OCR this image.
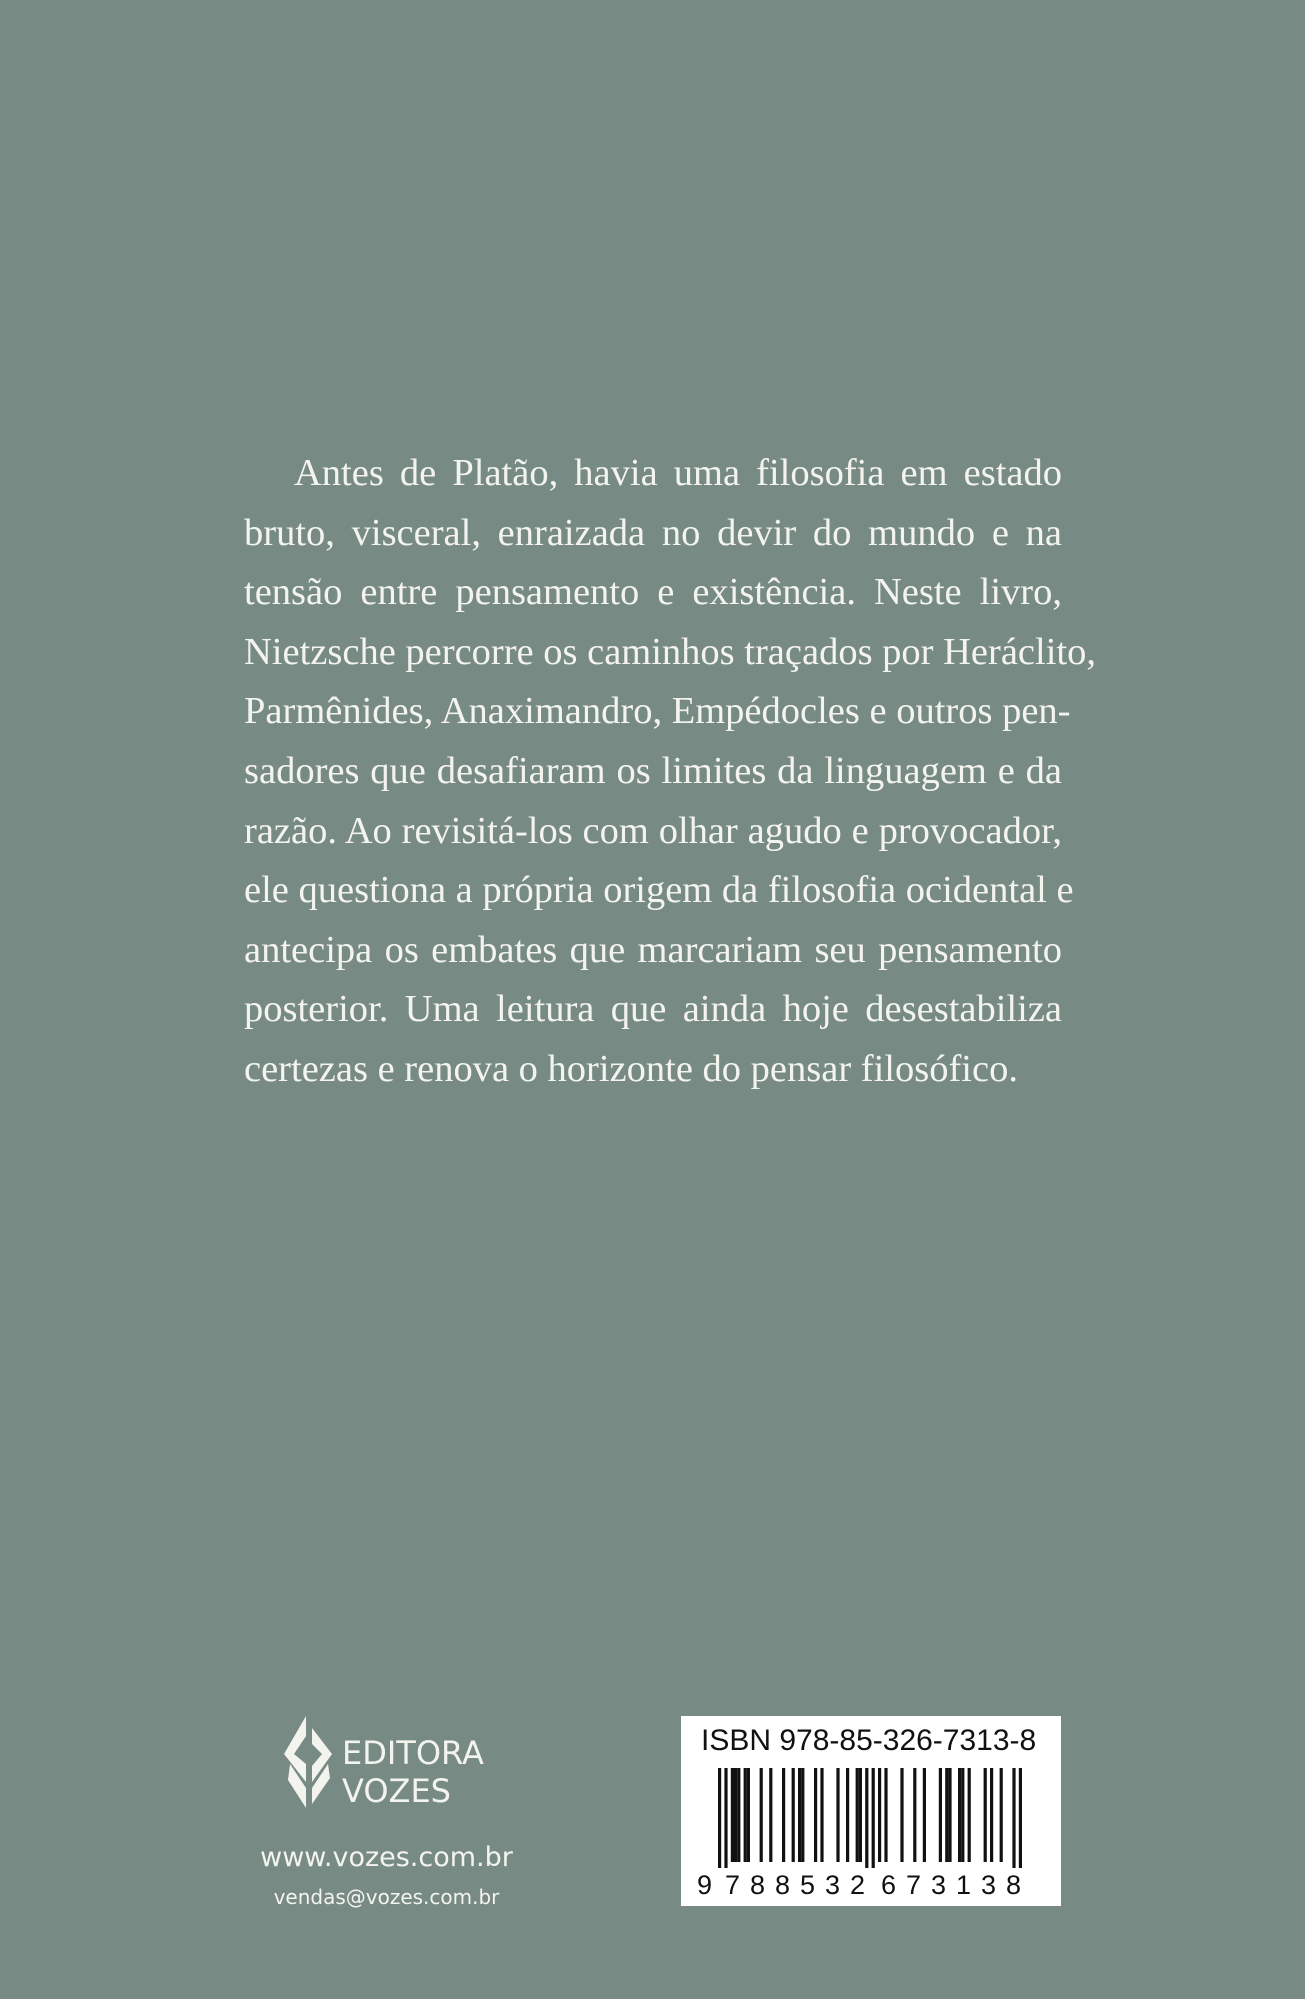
Antes de Platão, havia uma filosofia em estado
bruto, visceral, enraizada no devir do mundo e na
tensão entre pensamento e existência. Neste livro,
Nietzsche percorre os caminhos traçados por Heráclito,
Parmênides, Anaximandro, Empédocles e outros pen-
sadores que desafiaram os limites da linguagem e da
razão. Ao revisitá-los com olhar agudo e provocador,
ele questiona a própria origem da filosofia ocidental e
antecipa os embates que marcariam seu pensamento
posterior. Uma leitura que ainda hoje desestabiliza
certezas e renova o horizonte do pensar filosófico.
EDITORA
VOZES
www.vozes.com.br
vendas@vozes.com.br	9 788532 673138
ISBN 978-85-326-7313-8
